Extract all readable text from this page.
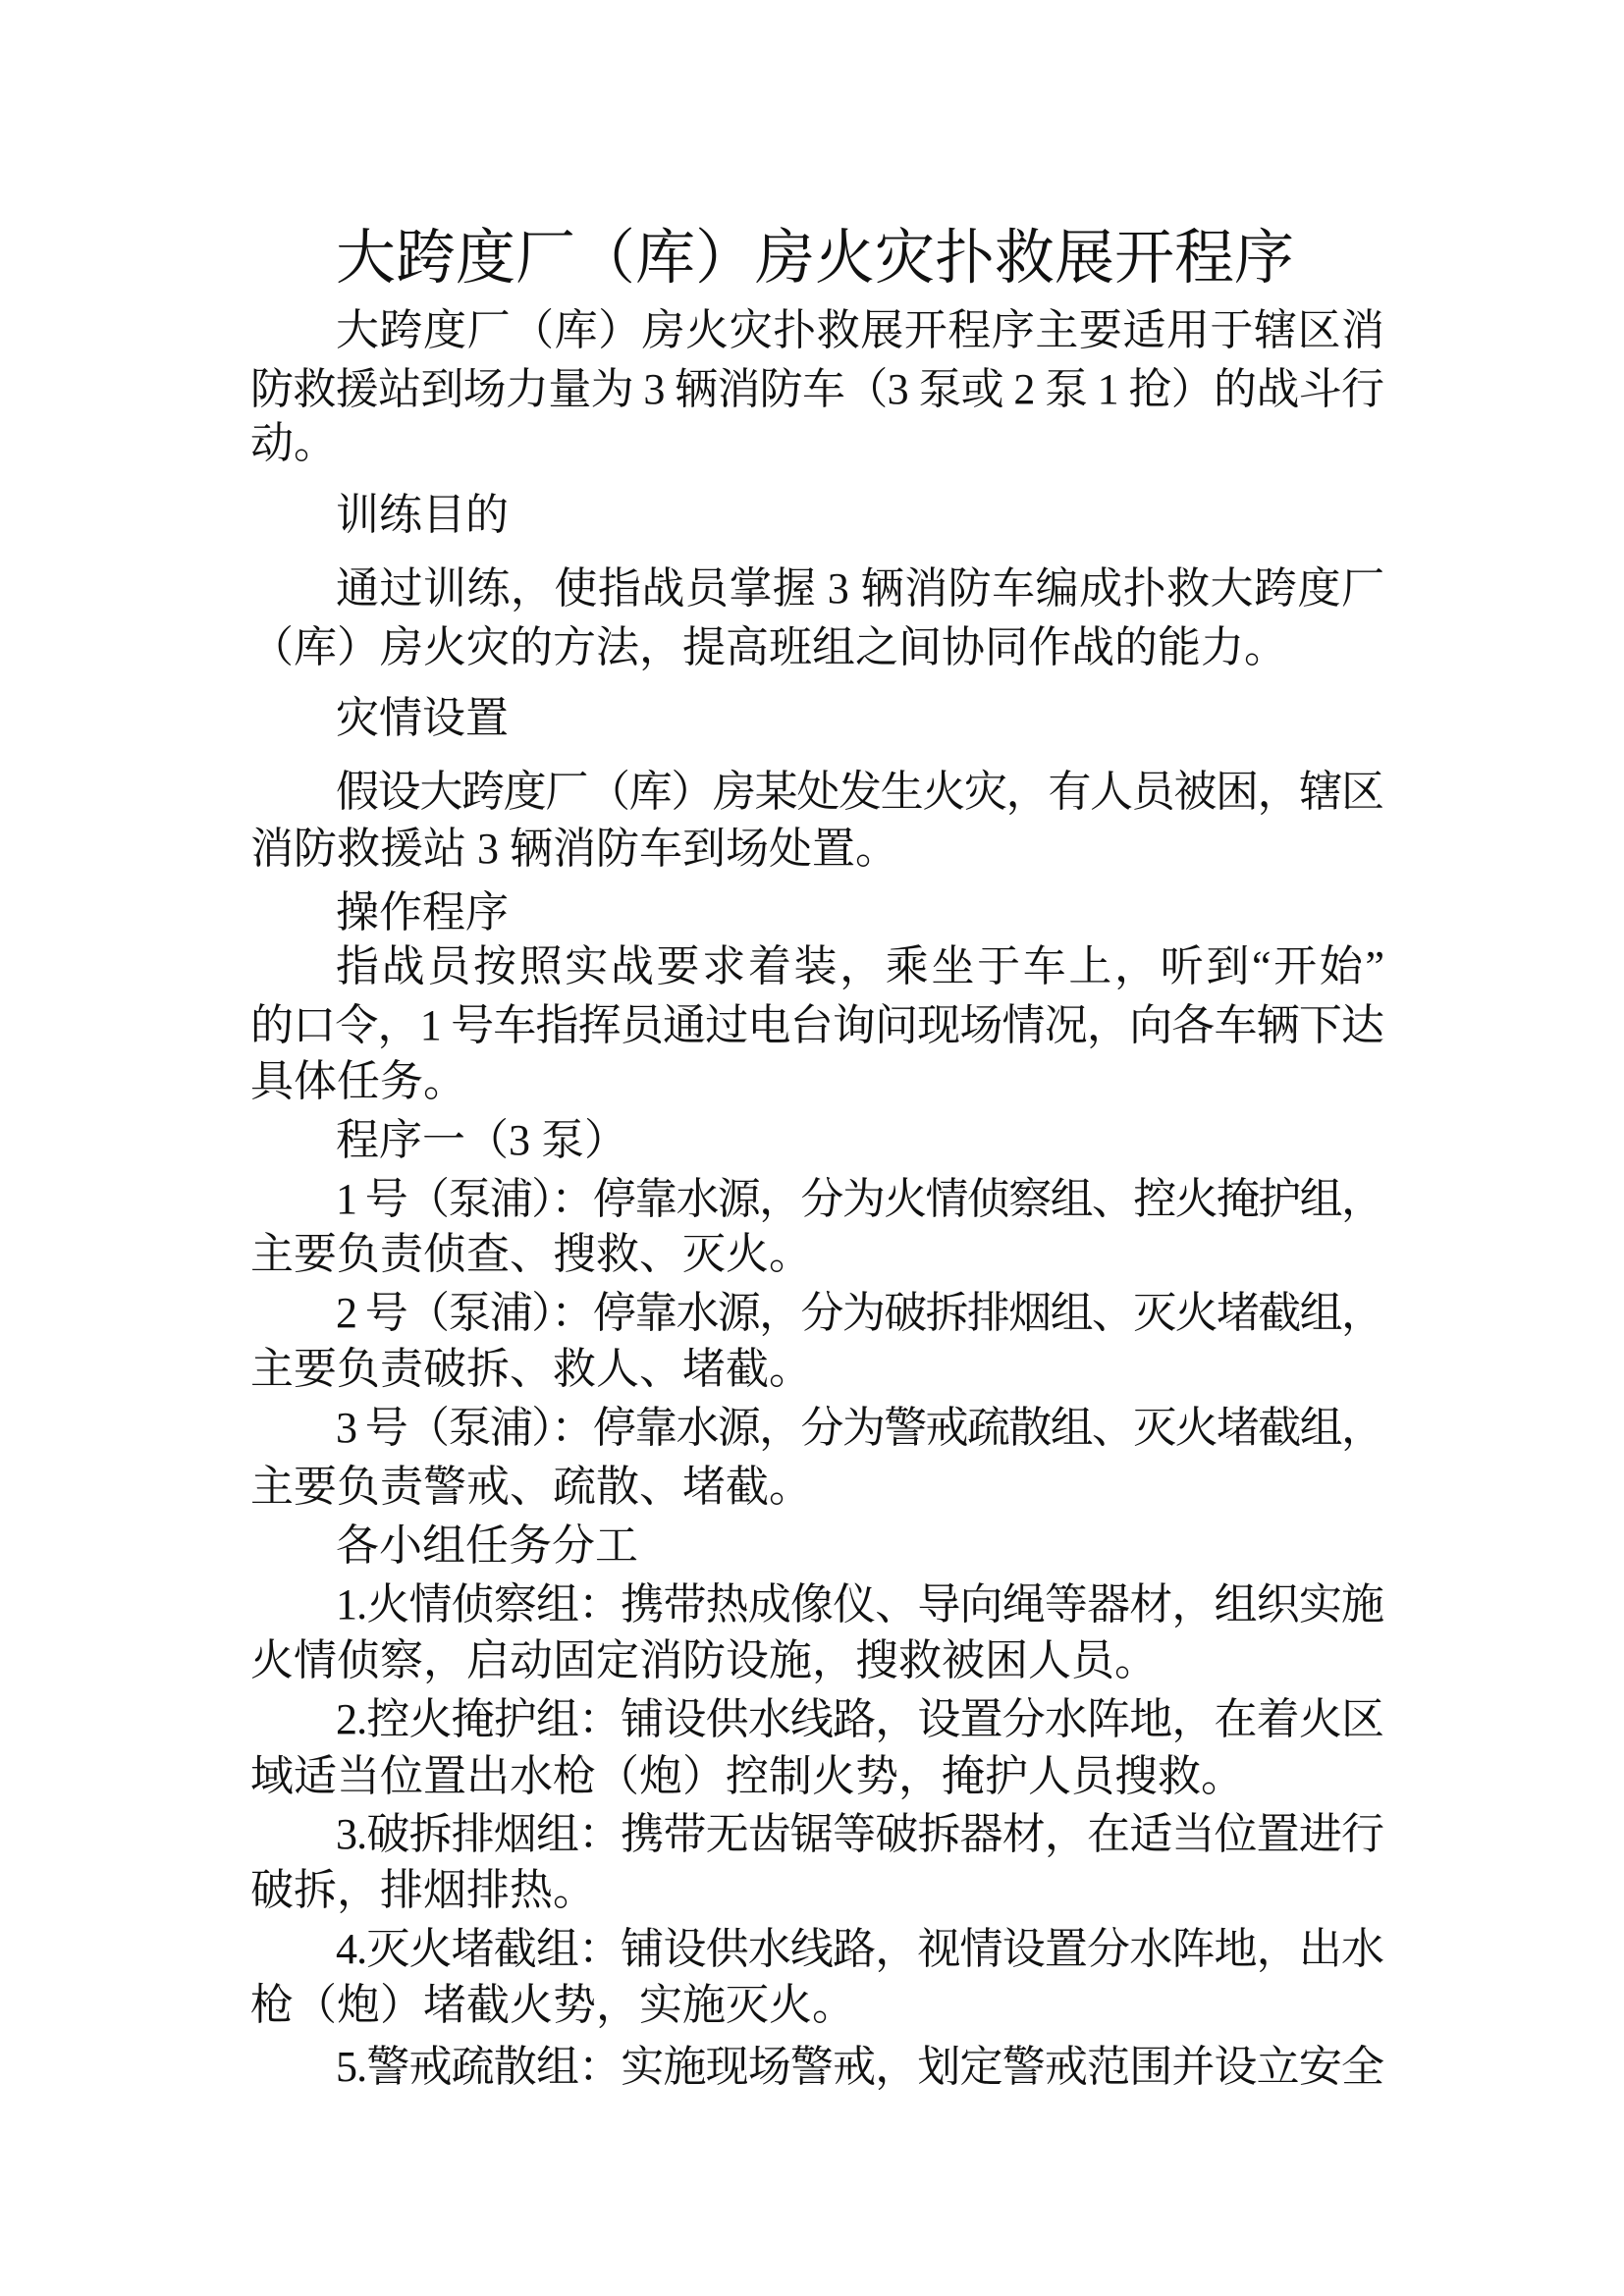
大跨度厂（库）房火灾扑救展开程序
大跨度厂（库）房火灾扑救展开程序主要适用于辖区消
防救援站到场力量为 3 辆消防车（3 泵或 2 泵 1 抢）的战斗行
动。
训练目的
通过训练，使指战员掌握 3 辆消防车编成扑救大跨度厂
（库）房火灾的方法，提高班组之间协同作战的能力。
灾情设置
假设大跨度厂（库）房某处发生火灾，有人员被困，辖区
消防救援站 3 辆消防车到场处置。
操作程序
指战员按照实战要求着装，乘坐于车上，听到“开始”
的口令，1 号车指挥员通过电台询问现场情况，向各车辆下达
具体任务。
程序一（3 泵）
1 号（泵浦）：停靠水源，分为火情侦察组、控火掩护组，
主要负责侦查、搜救、灭火。
2 号（泵浦）：停靠水源，分为破拆排烟组、灭火堵截组，
主要负责破拆、救人、堵截。
3 号（泵浦）：停靠水源，分为警戒疏散组、灭火堵截组，
主要负责警戒、疏散、堵截。
各小组任务分工
1.火情侦察组：携带热成像仪、导向绳等器材，组织实施
火情侦察，启动固定消防设施，搜救被困人员。
2.控火掩护组：铺设供水线路，设置分水阵地，在着火区
域适当位置出水枪（炮）控制火势，掩护人员搜救。
3.破拆排烟组：携带无齿锯等破拆器材，在适当位置进行
破拆，排烟排热。
4.灭火堵截组：铺设供水线路，视情设置分水阵地，出水
枪（炮）堵截火势，实施灭火。
5.警戒疏散组：实施现场警戒，划定警戒范围并设立安全
